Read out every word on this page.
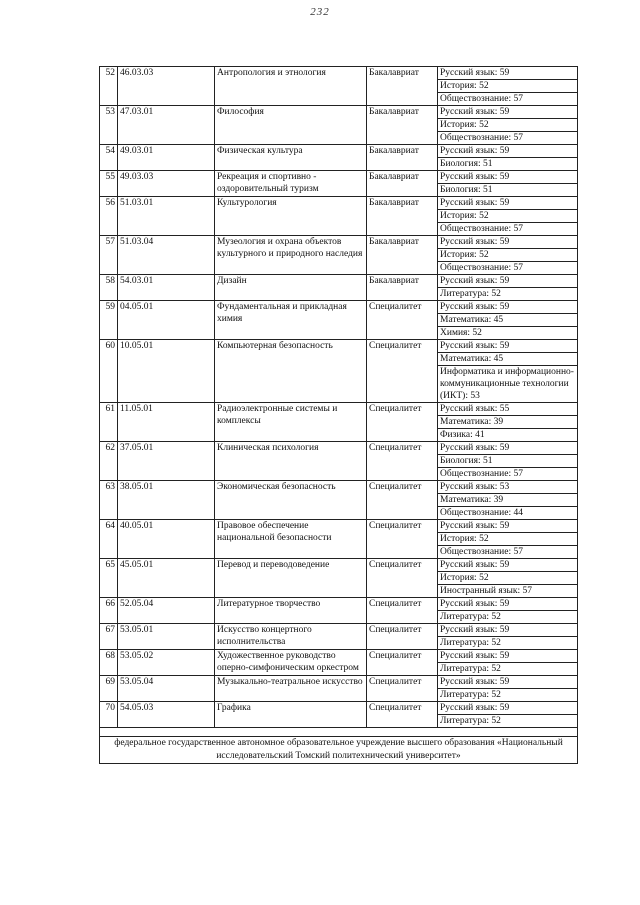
232
52	46.03.03	Антропология и этнология	Бакалавриат	Русский язык: 59
				История: 52
				Обществознание: 57
53	47.03.01	Философия	Бакалавриат	Русский язык: 59
				История: 52
				Обществознание: 57
54	49.03.01	Физическая культура	Бакалавриат	Русский язык: 59
				Биология: 51
55	49.03.03	Рекреация и спортивно - оздоровительный туризм	Бакалавриат	Русский язык: 59
				Биология: 51
56	51.03.01	Культурология	Бакалавриат	Русский язык: 59
				История: 52
				Обществознание: 57
57	51.03.04	Музеология и охрана объектов культурного и природного наследия	Бакалавриат	Русский язык: 59
				История: 52
				Обществознание: 57
58	54.03.01	Дизайн	Бакалавриат	Русский язык: 59
				Литература: 52
59	04.05.01	Фундаментальная и прикладная химия	Специалитет	Русский язык: 59
				Математика: 45
				Химия: 52
60	10.05.01	Компьютерная безопасность	Специалитет	Русский язык: 59
				Математика: 45
				Информатика и информационно-коммуникационные технологии (ИКТ): 53
61	11.05.01	Радиоэлектронные системы и комплексы	Специалитет	Русский язык: 55
				Математика: 39
				Физика: 41
62	37.05.01	Клиническая психология	Специалитет	Русский язык: 59
				Биология: 51
				Обществознание: 57
63	38.05.01	Экономическая безопасность	Специалитет	Русский язык: 53
				Математика: 39
				Обществознание: 44
64	40.05.01	Правовое обеспечение национальной безопасности	Специалитет	Русский язык: 59
				История: 52
				Обществознание: 57
65	45.05.01	Перевод и переводоведение	Специалитет	Русский язык: 59
				История: 52
				Иностранный язык: 57
66	52.05.04	Литературное творчество	Специалитет	Русский язык: 59
				Литература: 52
67	53.05.01	Искусство концертного исполнительства	Специалитет	Русский язык: 59
				Литература: 52
68	53.05.02	Художественное руководство оперно-симфоническим оркестром	Специалитет	Русский язык: 59
				Литература: 52
69	53.05.04	Музыкально-театральное искусство	Специалитет	Русский язык: 59
				Литература: 52
70	54.05.03	Графика	Специалитет	Русский язык: 59
				Литература: 52

федеральное государственное автономное образовательное учреждение высшего образования «Национальный исследовательский Томский политехнический университет»				
